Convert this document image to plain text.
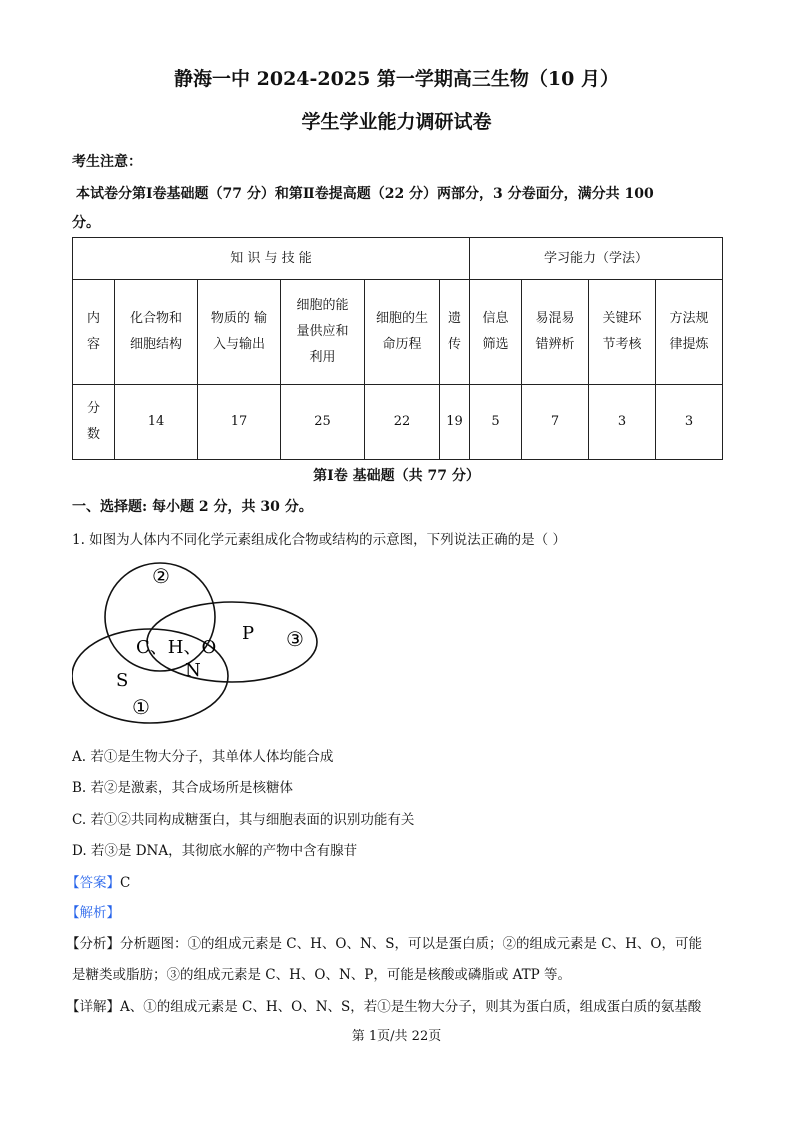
静海一中 2024-2025 第一学期高三生物（10 月）
学生学业能力调研试卷
考生注意：
本试卷分第Ⅰ卷基础题（77 分）和第Ⅱ卷提高题（22 分）两部分，3 分卷面分，满分共 100
分。
知 识 与 技 能						学习能力（学法）			

内
容	化合物和
细胞结构	物质的 输
入与输出	细胞的能
量供应和
利用	细胞的生
命历程	遗
传	信息
筛选	易混易
错辨析	关键环
节考核	方法规
律提炼

分
数	14	17	25	22	19	5	7	3	3
第Ⅰ卷 基础题（共 77 分）
一、选择题: 每小题 2 分，共 30 分。
1. 如图为人体内不同化学元素组成化合物或结构的示意图，下列说法正确的是（ ）
②
③
①
C、H、O
N
P
S
A. 若①是生物大分子，其单体人体均能合成
B. 若②是激素，其合成场所是核糖体
C. 若①②共同构成糖蛋白，其与细胞表面的识别功能有关
D. 若③是 DNA，其彻底水解的产物中含有腺苷
【答案】C
【解析】
【分析】分析题图：①的组成元素是 C、H、O、N、S，可以是蛋白质；②的组成元素是 C、H、O，可能
是糖类或脂肪；③的组成元素是 C、H、O、N、P，可能是核酸或磷脂或 ATP 等。
【详解】A、①的组成元素是 C、H、O、N、S，若①是生物大分子，则其为蛋白质，组成蛋白质的氨基酸
第 1页/共 22页
